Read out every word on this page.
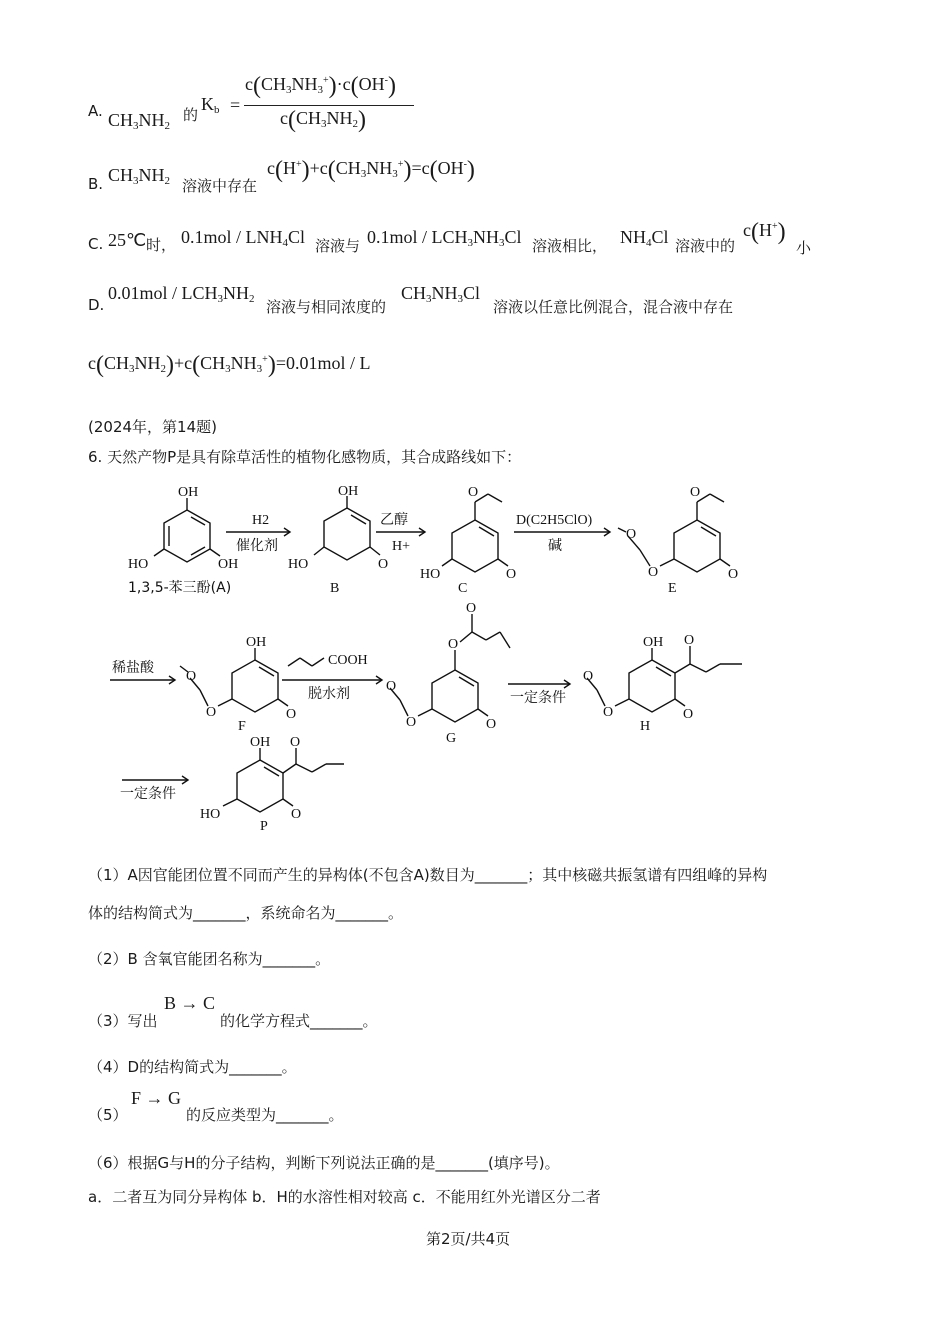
A. $CH_3NH_2$
的
$K_b$ =
$c(CH_3NH_3^+)\cdot c(OH^-)$
$c(CH_3NH_2)$
B. $CH_3NH_2$ 溶液中存在
$c(H^+)+c(CH_3NH_3^+)=c(OH^-)$
C. 25℃ 时， $0.1mol / LNH_4Cl$ 溶液与 $0.1mol / LCH_3NH_3Cl$ 溶液相比， $NH_4Cl$ 溶液中的
c(H+)
小
D.
$0.01mol / LCH_3NH_2$ 溶液与相同浓度的
$CH_3NH_3Cl$
溶液以任意比例混合，混合液中存在
$c(CH_3NH_2)+c(CH_3NH_3^+)=0.01mol / L$
(2024年，第14题)
6. 天然产物P是具有除草活性的植物化感物质，其合成路线如下：
OH
OH
HO
1,3,5-苯三酚(A)
H2
催化剂
OH
O
HO
B
乙醇
H+
O
O
HO
C
D(C2H5ClO)
碱
O
O
O
O
E
稀盐酸
OH
O
O
O
F
COOH
脱水剂
O
O
O
O
O
G
一定条件
OH O
O
O
O
H
一定条件
OH O
O
HO
P
（1）A因官能团位置不同而产生的异构体(不包含A)数目为_______；其中核磁共振氢谱有四组峰的异构
体的结构简式为_______，系统命名为_______。
（2）B 含氧官能团名称为_______。
（3）写出
B → C
的化学方程式_______。
（4）D的结构简式为_______。
（5）
F → G
的反应类型为_______。
（6）根据G与H的分子结构，判断下列说法正确的是_______(填序号)。
a．二者互为同分异构体 b．H的水溶性相对较高 c．不能用红外光谱区分二者
第2页/共4页
